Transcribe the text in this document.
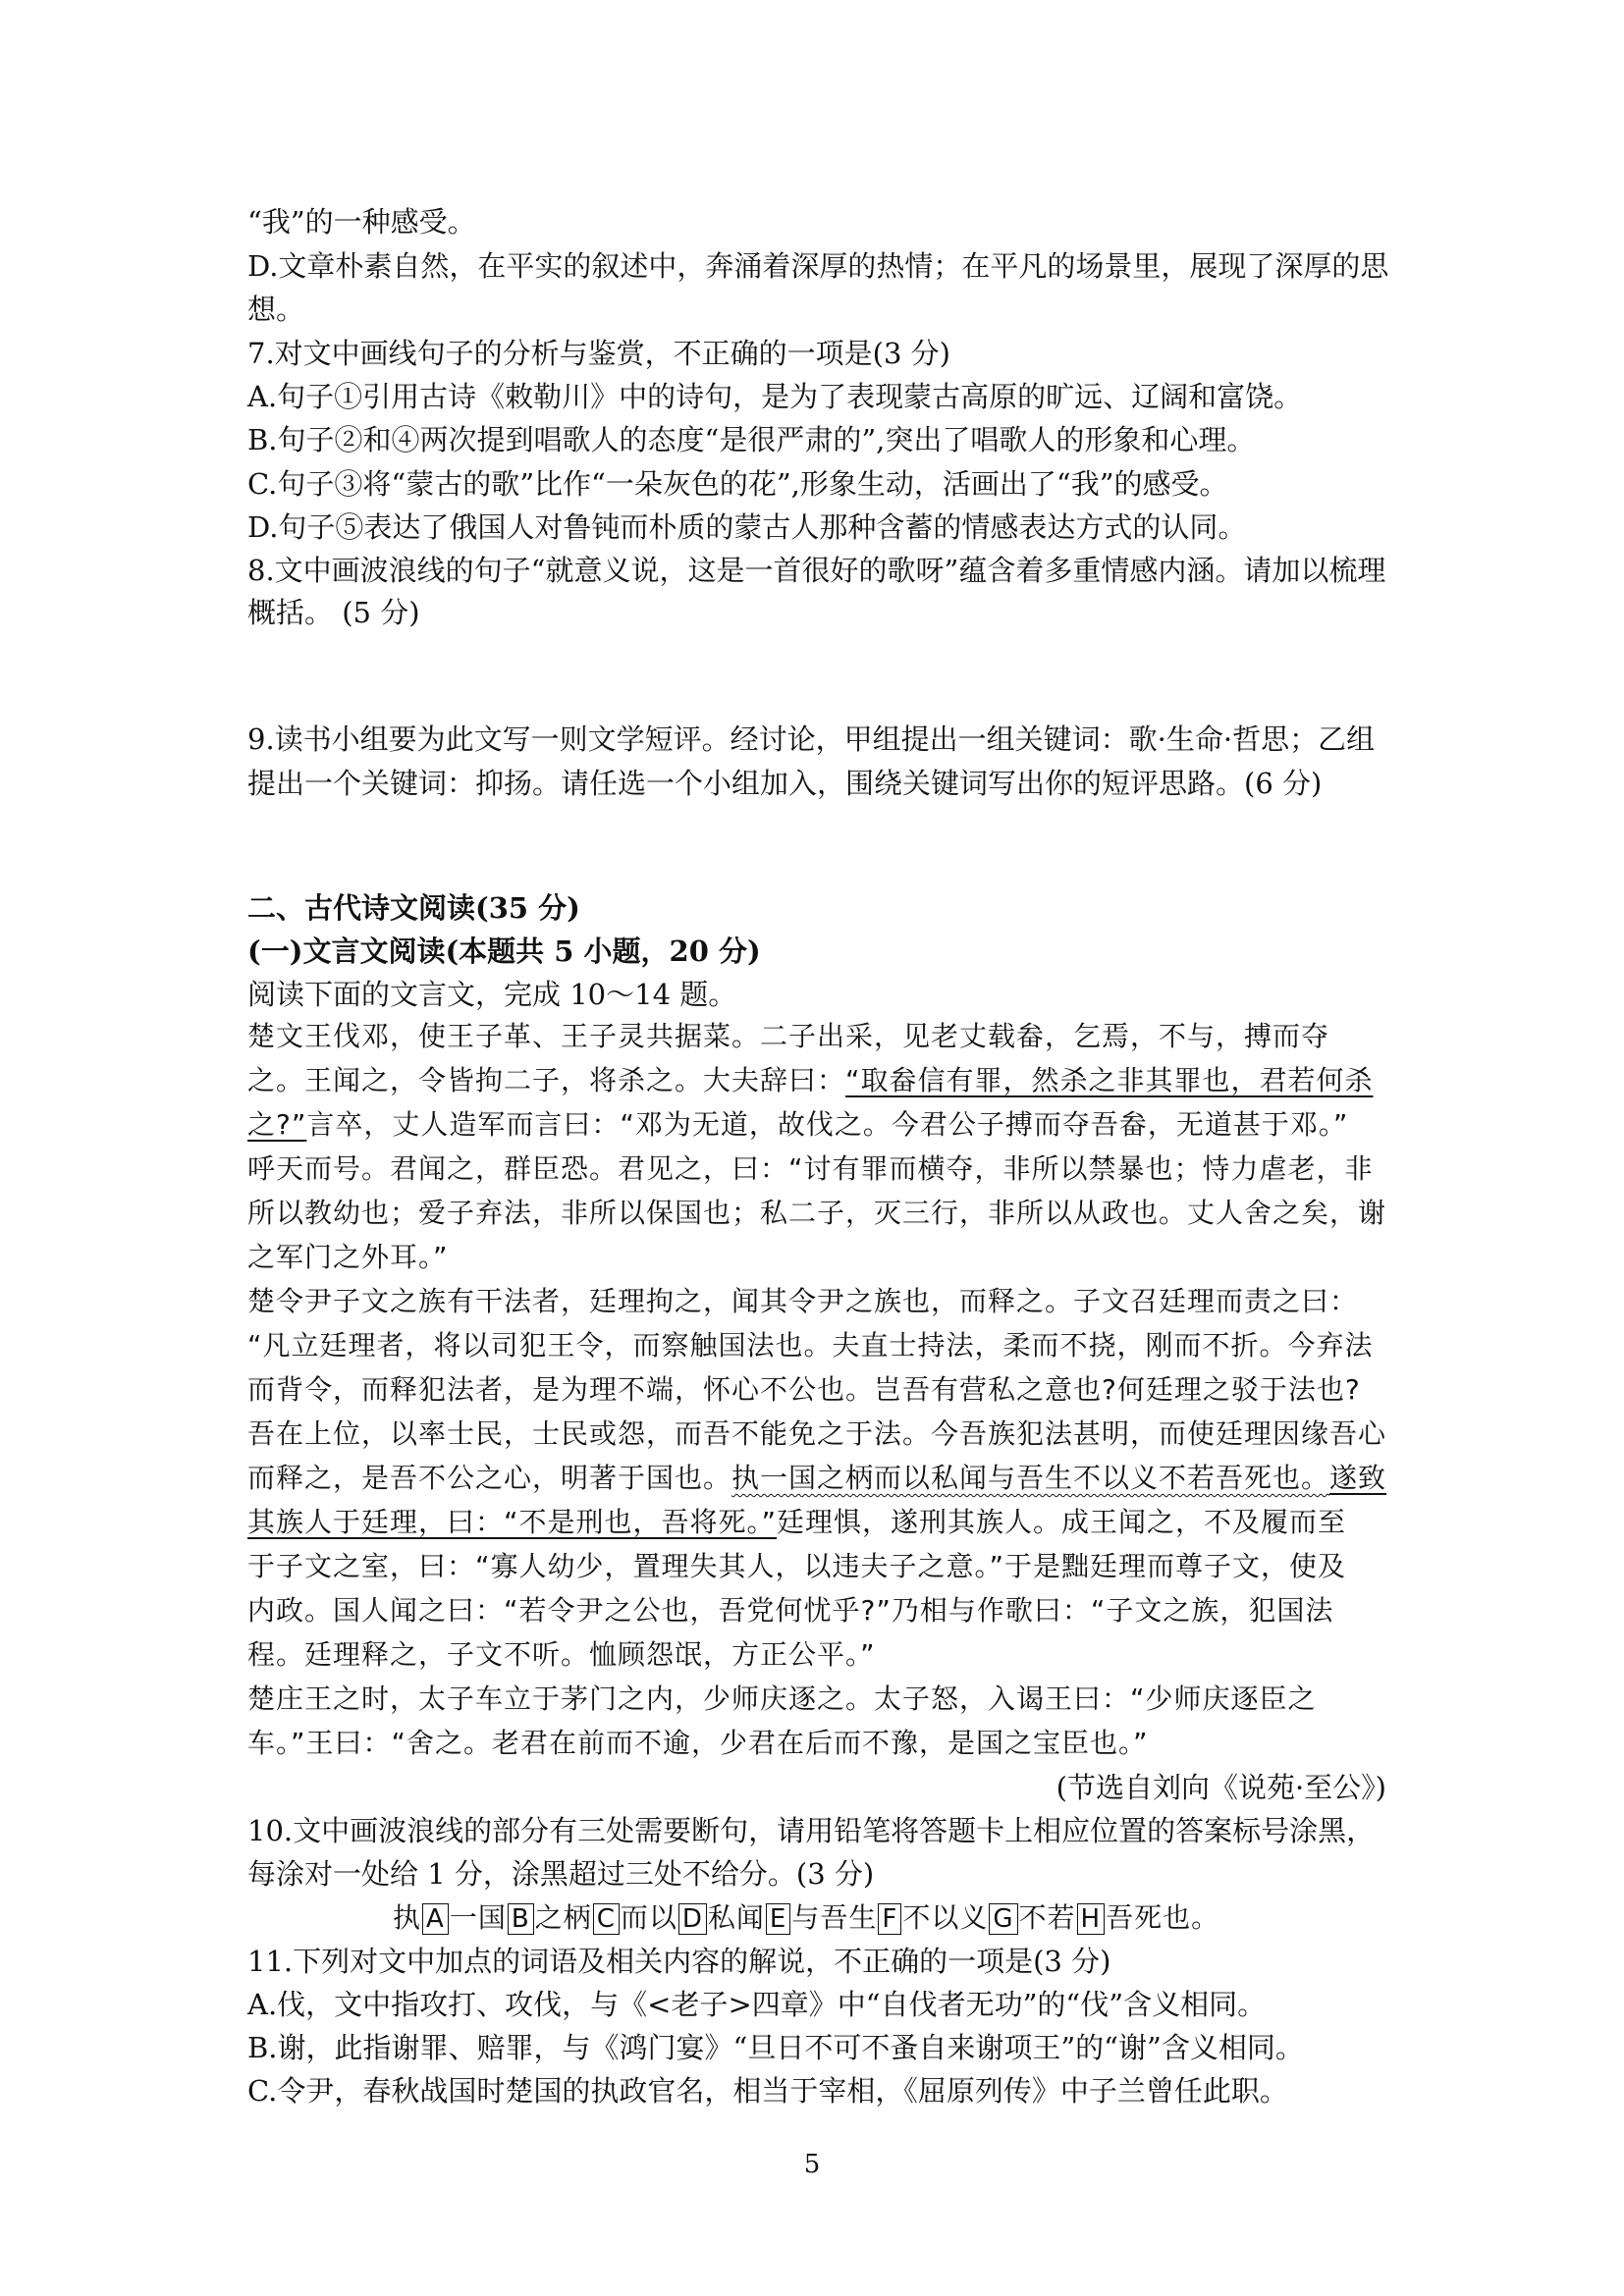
“我”的一种感受。
D.文章朴素自然，在平实的叙述中，奔涌着深厚的热情；在平凡的场景里，展现了深厚的思
想。
7.对文中画线句子的分析与鉴赏，不正确的一项是(3 分)
A.句子①引用古诗《敕勒川》中的诗句，是为了表现蒙古高原的旷远、辽阔和富饶。
B.句子②和④两次提到唱歌人的态度“是很严肃的”,突出了唱歌人的形象和心理。
C.句子③将“蒙古的歌”比作“一朵灰色的花”,形象生动，活画出了“我”的感受。
D.句子⑤表达了俄国人对鲁钝而朴质的蒙古人那种含蓄的情感表达方式的认同。
8.文中画波浪线的句子“就意义说，这是一首很好的歌呀”蕴含着多重情感内涵。请加以梳理
概括。 (5 分)
9.读书小组要为此文写一则文学短评。经讨论，甲组提出一组关键词：歌·生命·哲思；乙组
提出一个关键词：抑扬。请任选一个小组加入，围绕关键词写出你的短评思路。(6 分)
二、古代诗文阅读(35 分)
(一)文言文阅读(本题共 5 小题，20 分)
阅读下面的文言文，完成 10～14 题。
楚文王伐邓，使王子革、王子灵共据菜。二子出采，见老丈载畚，乞焉，不与，搏而夺
之。王闻之，令皆拘二子，将杀之。大夫辞曰：“取畚信有罪，然杀之非其罪也，君若何杀
之?”言卒，丈人造军而言曰：“邓为无道，故伐之。今君公子搏而夺吾畚，无道甚于邓。”
呼天而号。君闻之，群臣恐。君见之，曰：“讨有罪而横夺，非所以禁暴也；恃力虐老，非
所以教幼也；爱子弃法，非所以保国也；私二子，灭三行，非所以从政也。丈人舍之矣，谢
之军门之外耳。”
楚令尹子文之族有干法者，廷理拘之，闻其令尹之族也，而释之。子文召廷理而责之曰：
“凡立廷理者，将以司犯王令，而察触国法也。夫直士持法，柔而不挠，刚而不折。今弃法
而背令，而释犯法者，是为理不端，怀心不公也。岂吾有营私之意也?何廷理之驳于法也?
吾在上位，以率士民，士民或怨，而吾不能免之于法。今吾族犯法甚明，而使廷理因缘吾心
而释之，是吾不公之心，明著于国也。执一国之柄而以私闻与吾生不以义不若吾死也。遂致
其族人于廷理，曰：“不是刑也，吾将死。”廷理惧，遂刑其族人。成王闻之，不及履而至
于子文之室，曰：“寡人幼少，置理失其人，以违夫子之意。”于是黜廷理而尊子文，使及
内政。国人闻之曰：“若令尹之公也，吾党何忧乎?”乃相与作歌曰：“子文之族，犯国法
程。廷理释之，子文不听。恤顾怨氓，方正公平。”
楚庄王之时，太子车立于茅门之内，少师庆逐之。太子怒，入谒王曰：“少师庆逐臣之
车。”王曰：“舍之。老君在前而不逾，少君在后而不豫，是国之宝臣也。”
(节选自刘向《说苑·至公》)
10.文中画波浪线的部分有三处需要断句，请用铅笔将答题卡上相应位置的答案标号涂黑，
每涂对一处给 1 分，涂黑超过三处不给分。(3 分)
执 A 一国 B 之柄 C 而以 D 私闻 E 与吾生 F 不以义 G 不若 H 吾死也。
11.下列对文中加点的词语及相关内容的解说，不正确的一项是(3 分)
A.伐，文中指攻打、攻伐，与《<老子>四章》中“自伐者无功”的“伐”含义相同。
B.谢，此指谢罪、赔罪，与《鸿门宴》“旦日不可不蚤自来谢项王”的“谢”含义相同。
C.令尹，春秋战国时楚国的执政官名，相当于宰相，《屈原列传》中子兰曾任此职。
5
